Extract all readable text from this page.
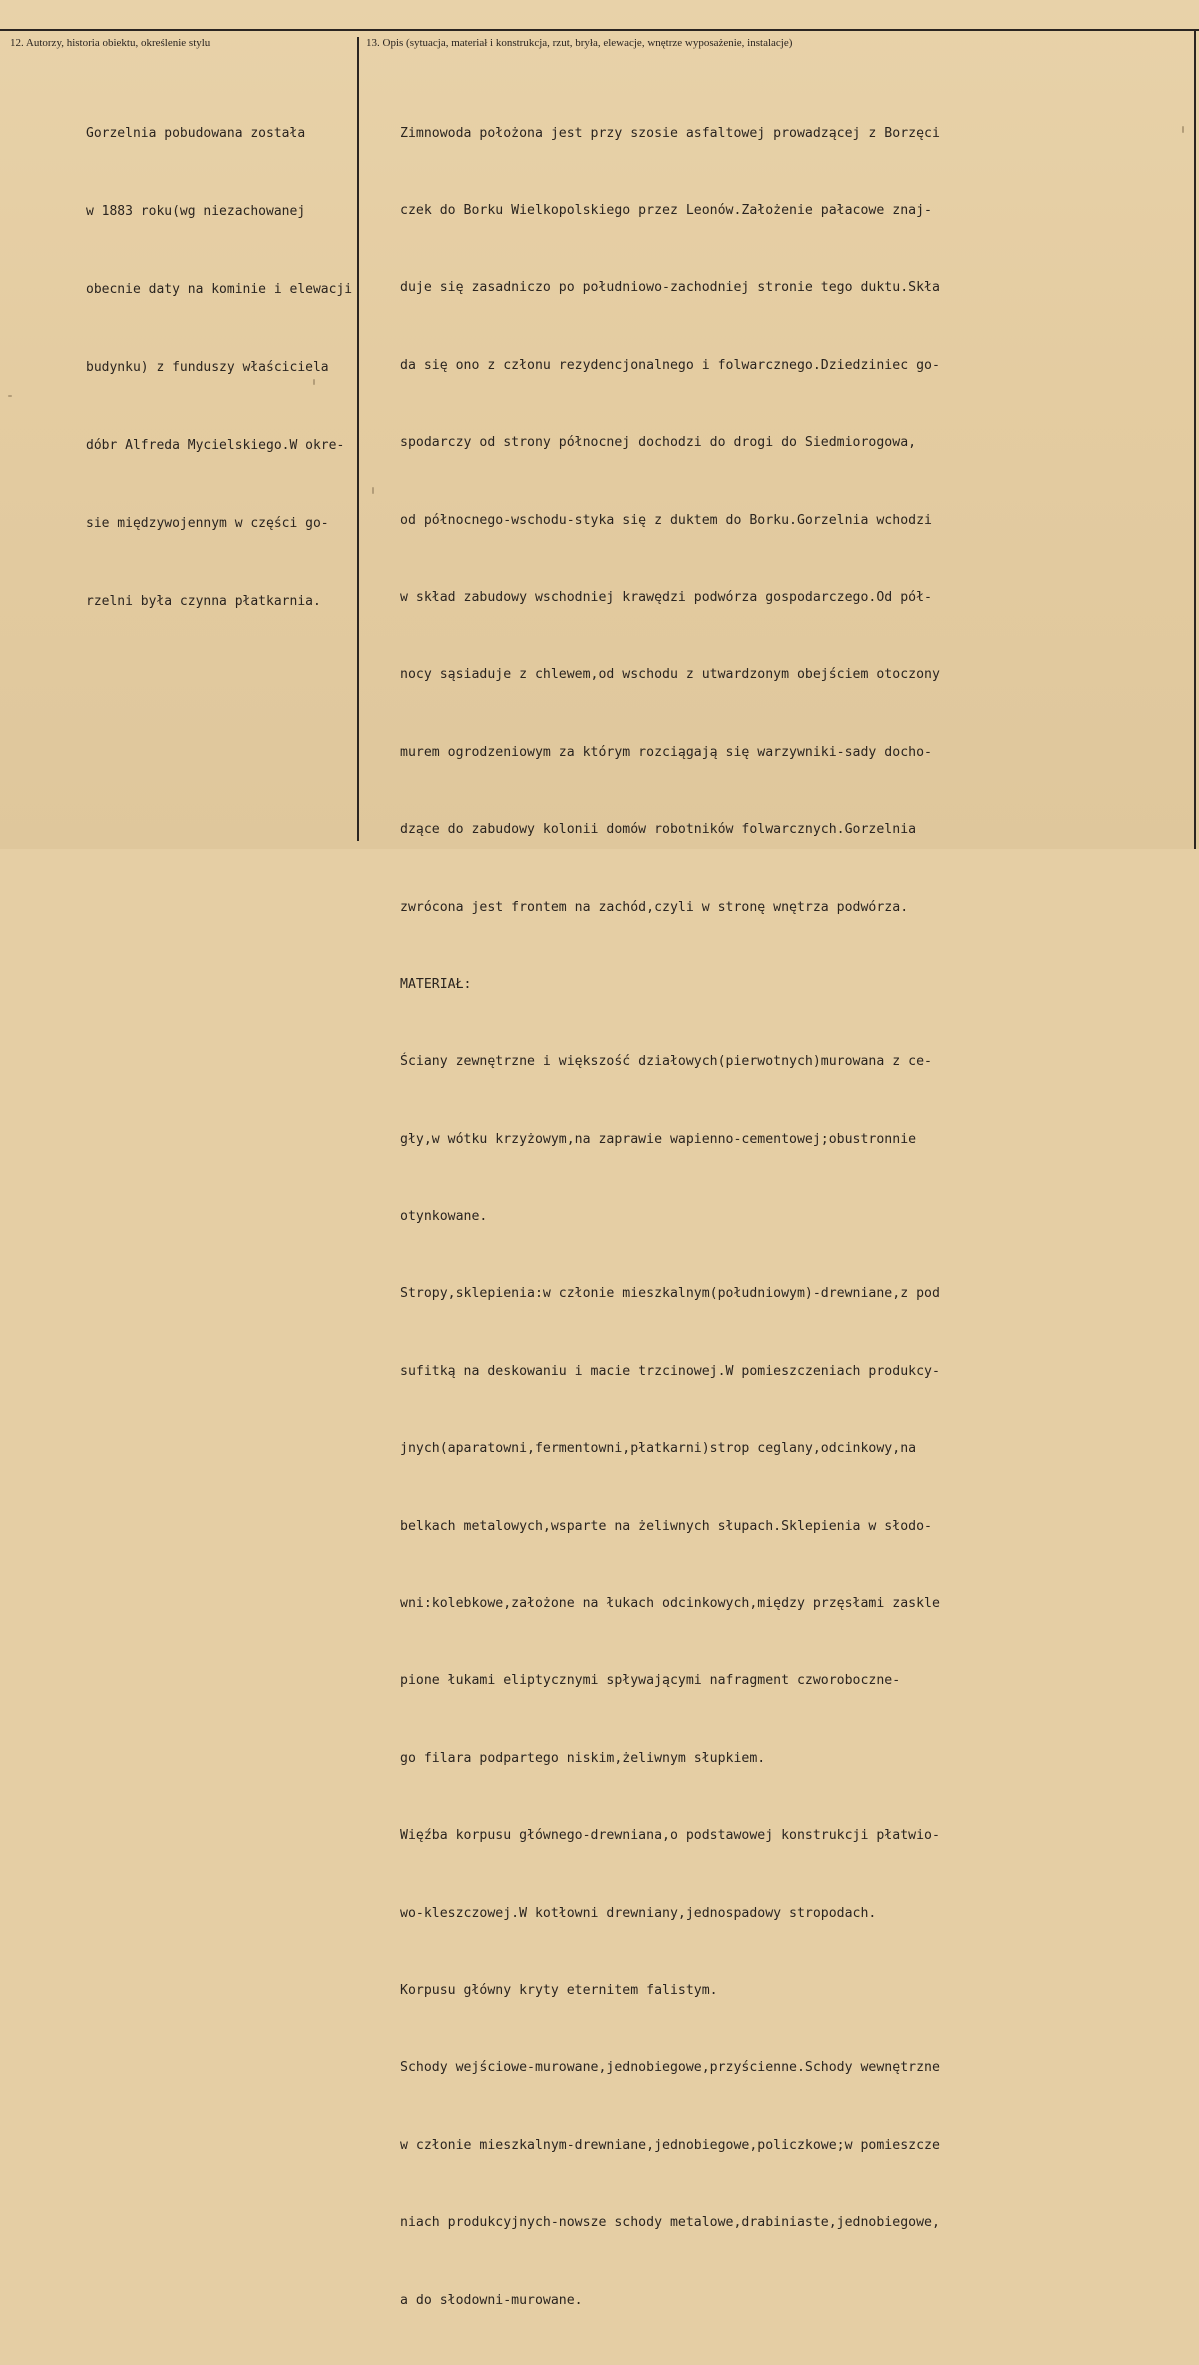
12. Autorzy, historia obiektu, określenie stylu	13. Opis (sytuacja, materiał i konstrukcja, rzut, bryła, elewacje, wnętrze wyposażenie, instalacje)

Gorzelnia pobudowana została

w 1883 roku(wg niezachowanej

obecnie daty na kominie i elewacji

budynku) z funduszy właściciela

dóbr Alfreda Mycielskiego.W okre-

sie międzywojennym w części go-

rzelni była czynna płatkarnia.

Zimnowoda położona jest przy szosie asfaltowej prowadzącej z Borzęci

czek do Borku Wielkopolskiego przez Leonów.Założenie pałacowe znaj-

duje się zasadniczo po południowo-zachodniej stronie tego duktu.Skła

da się ono z członu rezydencjonalnego i folwarcznego.Dziedziniec go-

spodarczy od strony północnej dochodzi do drogi do Siedmiorogowa,

od północnego-wschodu-styka się z duktem do Borku.Gorzelnia wchodzi

w skład zabudowy wschodniej krawędzi podwórza gospodarczego.Od pół-

nocy sąsiaduje z chlewem,od wschodu z utwardzonym obejściem otoczony

murem ogrodzeniowym za którym rozciągają się warzywniki-sady docho-

dzące do zabudowy kolonii domów robotników folwarcznych.Gorzelnia

zwrócona jest frontem na zachód,czyli w stronę wnętrza podwórza.

MATERIAŁ:

Ściany zewnętrzne i większość działowych(pierwotnych)murowana z ce-

gły,w wótku krzyżowym,na zaprawie wapienno-cementowej;obustronnie

otynkowane.

Stropy,sklepienia:w członie mieszkalnym(południowym)-drewniane,z pod

sufitką na deskowaniu i macie trzcinowej.W pomieszczeniach produkcy-

jnych(aparatowni,fermentowni,płatkarni)strop ceglany,odcinkowy,na

belkach metalowych,wsparte na żeliwnych słupach.Sklepienia w słodo-

wni:kolebkowe,założone na łukach odcinkowych,między przęsłami zaskle

pione łukami eliptycznymi spływającymi nafragment czworoboczne-

go filara podpartego niskim,żeliwnym słupkiem.

Więźba korpusu głównego-drewniana,o podstawowej konstrukcji płatwio-

wo-kleszczowej.W kotłowni drewniany,jednospadowy stropodach.

Korpusu główny kryty eternitem falistym.

Schody wejściowe-murowane,jednobiegowe,przyścienne.Schody wewnętrzne

w członie mieszkalnym-drewniane,jednobiegowe,policzkowe;w pomieszcze

niach produkcyjnych-nowsze schody metalowe,drabiniaste,jednobiegowe,

a do słodowni-murowane.
